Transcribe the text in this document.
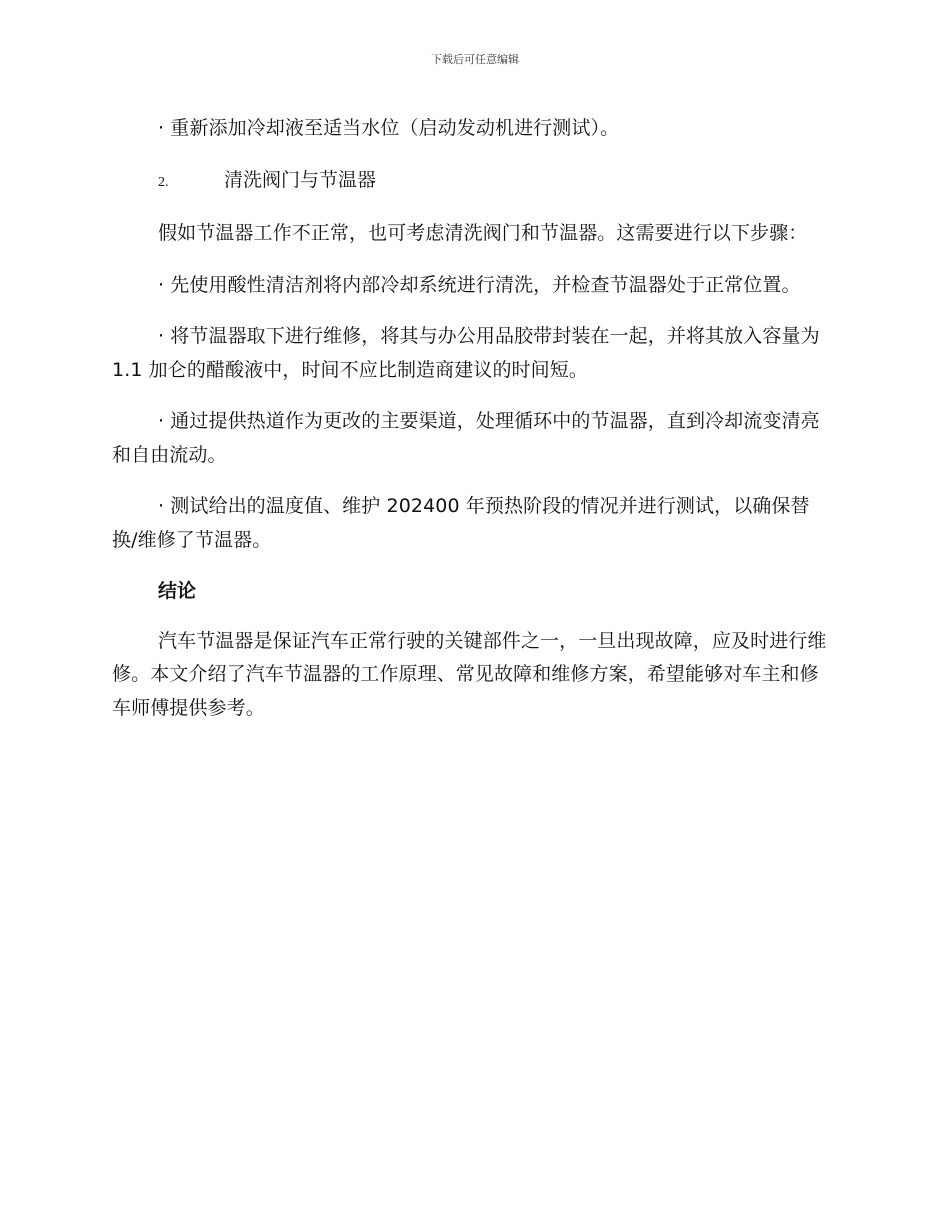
下载后可任意编辑

· 重新添加冷却液至适当水位（启动发动机进行测试）。

2.	清洗阀门与节温器

假如节温器工作不正常，也可考虑清洗阀门和节温器。这需要进行以下步骤：

· 先使用酸性清洁剂将内部冷却系统进行清洗，并检查节温器处于正常位置。

· 将节温器取下进行维修，将其与办公用品胶带封装在一起，并将其放入容量为 1.1 加仑的醋酸液中，时间不应比制造商建议的时间短。

· 通过提供热道作为更改的主要渠道，处理循环中的节温器，直到冷却流变清亮和自由流动。

· 测试给出的温度值、维护 202400 年预热阶段的情况并进行测试，以确保替换/维修了节温器。

结论

汽车节温器是保证汽车正常行驶的关键部件之一，一旦出现故障，应及时进行维修。本文介绍了汽车节温器的工作原理、常见故障和维修方案，希望能够对车主和修车师傅提供参考。
